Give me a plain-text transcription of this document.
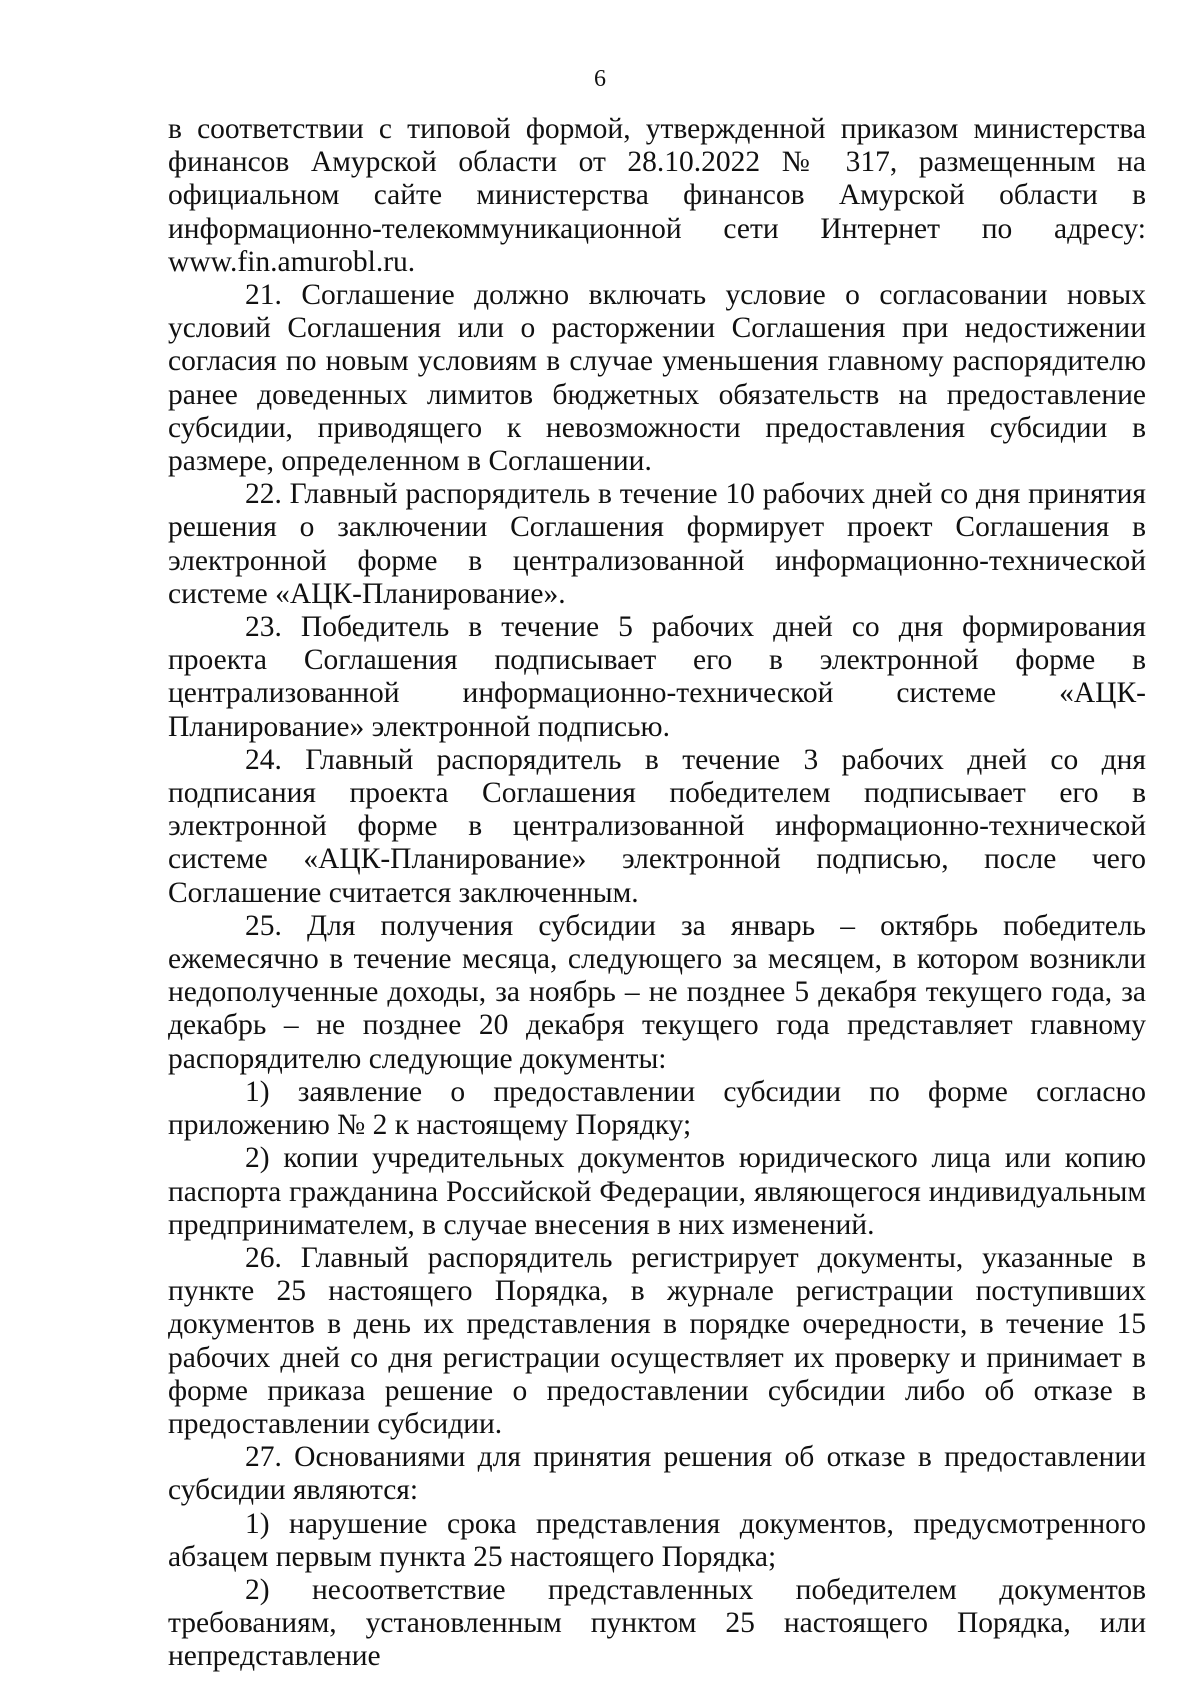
6

в соответствии с типовой формой, утвержденной приказом министерства финансов Амурской области от 28.10.2022 № 317, размещенным на официальном сайте министерства финансов Амурской области в информационно-телекоммуникационной сети Интернет по адресу: www.fin.amurobl.ru.

21. Соглашение должно включать условие о согласовании новых условий Соглашения или о расторжении Соглашения при недостижении согласия по новым условиям в случае уменьшения главному распорядителю ранее доведенных лимитов бюджетных обязательств на предоставление субсидии, приводящего к невозможности предоставления субсидии в размере, определенном в Соглашении.

22. Главный распорядитель в течение 10 рабочих дней со дня принятия решения о заключении Соглашения формирует проект Соглашения в электронной форме в централизованной информационно-технической системе «АЦК-Планирование».

23. Победитель в течение 5 рабочих дней со дня формирования проекта Соглашения подписывает его в электронной форме в централизованной информационно-технической системе «АЦК-Планирование» электронной подписью.

24. Главный распорядитель в течение 3 рабочих дней со дня подписания проекта Соглашения победителем подписывает его в электронной форме в централизованной информационно-технической системе «АЦК-Планирование» электронной подписью, после чего Соглашение считается заключенным.

25. Для получения субсидии за январь – октябрь победитель ежемесячно в течение месяца, следующего за месяцем, в котором возникли недополученные доходы, за ноябрь – не позднее 5 декабря текущего года, за декабрь – не позднее 20 декабря текущего года представляет главному распорядителю следующие документы:

1) заявление о предоставлении субсидии по форме согласно приложению № 2 к настоящему Порядку;

2) копии учредительных документов юридического лица или копию паспорта гражданина Российской Федерации, являющегося индивидуальным предпринимателем, в случае внесения в них изменений.

26. Главный распорядитель регистрирует документы, указанные в пункте 25 настоящего Порядка, в журнале регистрации поступивших документов в день их представления в порядке очередности, в течение 15 рабочих дней со дня регистрации осуществляет их проверку и принимает в форме приказа решение о предоставлении субсидии либо об отказе в предоставлении субсидии.

27. Основаниями для принятия решения об отказе в предоставлении субсидии являются:

1) нарушение срока представления документов, предусмотренного абзацем первым пункта 25 настоящего Порядка;

2) несоответствие представленных победителем документов требованиям, установленным пунктом 25 настоящего Порядка, или непредставление
